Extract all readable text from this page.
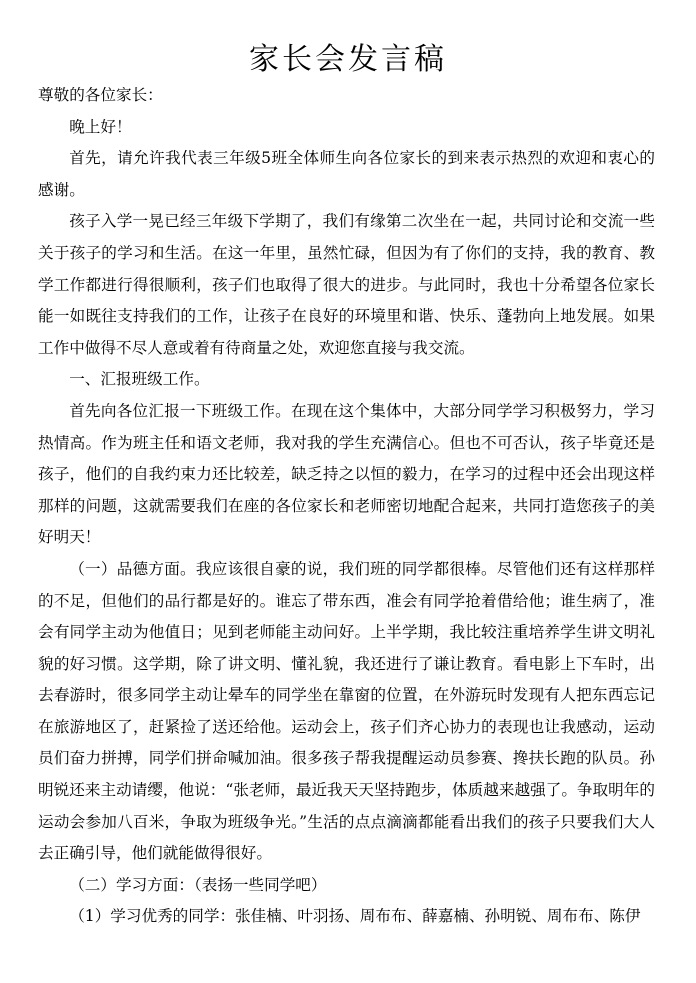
家长会发言稿

尊敬的各位家长：

晚上好！

首先，请允许我代表三年级5班全体师生向各位家长的到来表示热烈的欢迎和衷心的感谢。

孩子入学一晃已经三年级下学期了，我们有缘第二次坐在一起，共同讨论和交流一些关于孩子的学习和生活。在这一年里，虽然忙碌，但因为有了你们的支持，我的教育、教学工作都进行得很顺利，孩子们也取得了很大的进步。与此同时，我也十分希望各位家长能一如既往支持我们的工作，让孩子在良好的环境里和谐、快乐、蓬勃向上地发展。如果工作中做得不尽人意或着有待商量之处，欢迎您直接与我交流。

一、汇报班级工作。

首先向各位汇报一下班级工作。在现在这个集体中，大部分同学学习积极努力，学习热情高。作为班主任和语文老师，我对我的学生充满信心。但也不可否认，孩子毕竟还是孩子，他们的自我约束力还比较差，缺乏持之以恒的毅力，在学习的过程中还会出现这样那样的问题，这就需要我们在座的各位家长和老师密切地配合起来，共同打造您孩子的美好明天！

（一）品德方面。我应该很自豪的说，我们班的同学都很棒。尽管他们还有这样那样的不足，但他们的品行都是好的。谁忘了带东西，准会有同学抢着借给他；谁生病了，准会有同学主动为他值日；见到老师能主动问好。上半学期，我比较注重培养学生讲文明礼貌的好习惯。这学期，除了讲文明、懂礼貌，我还进行了谦让教育。看电影上下车时，出去春游时，很多同学主动让晕车的同学坐在靠窗的位置，在外游玩时发现有人把东西忘记在旅游地区了，赶紧捡了送还给他。运动会上，孩子们齐心协力的表现也让我感动，运动员们奋力拼搏，同学们拼命喊加油。很多孩子帮我提醒运动员参赛、搀扶长跑的队员。孙明锐还来主动请缨，他说：“张老师，最近我天天坚持跑步，体质越来越强了。争取明年的运动会参加八百米，争取为班级争光。”生活的点点滴滴都能看出我们的孩子只要我们大人去正确引导，他们就能做得很好。

（二）学习方面：（表扬一些同学吧）

（1）学习优秀的同学：张佳楠、叶羽扬、周布布、薛嘉楠、孙明锐、周布布、陈伊
